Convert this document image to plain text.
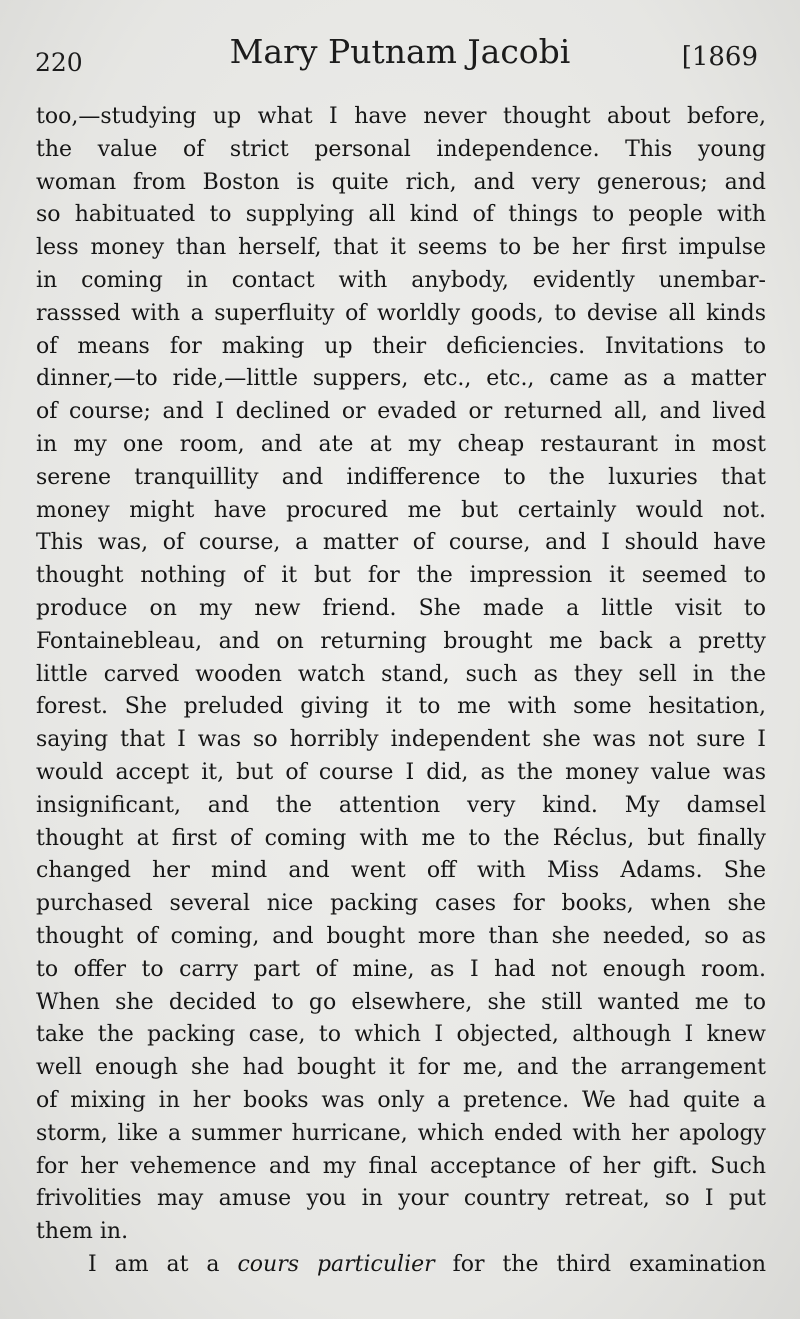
220	Mary Putnam Jacobi	[1869
too,—studying up what I have never thought about before,
the value of strict personal independence. This young
woman from Boston is quite rich, and very generous; and
so habituated to supplying all kind of things to people with
less money than herself, that it seems to be her first impulse
in coming in contact with anybody, evidently unembar-
rasssed with a superfluity of worldly goods, to devise all kinds
of means for making up their deficiencies. Invitations to
dinner,—to ride,—little suppers, etc., etc., came as a matter
of course; and I declined or evaded or returned all, and lived
in my one room, and ate at my cheap restaurant in most
serene tranquillity and indifference to the luxuries that
money might have procured me but certainly would not.
This was, of course, a matter of course, and I should have
thought nothing of it but for the impression it seemed to
produce on my new friend. She made a little visit to
Fontainebleau, and on returning brought me back a pretty
little carved wooden watch stand, such as they sell in the
forest. She preluded giving it to me with some hesitation,
saying that I was so horribly independent she was not sure I
would accept it, but of course I did, as the money value was
insignificant, and the attention very kind. My damsel
thought at first of coming with me to the Réclus, but finally
changed her mind and went off with Miss Adams. She
purchased several nice packing cases for books, when she
thought of coming, and bought more than she needed, so as
to offer to carry part of mine, as I had not enough room.
When she decided to go elsewhere, she still wanted me to
take the packing case, to which I objected, although I knew
well enough she had bought it for me, and the arrangement
of mixing in her books was only a pretence. We had quite a
storm, like a summer hurricane, which ended with her apology
for her vehemence and my final acceptance of her gift. Such
frivolities may amuse you in your country retreat, so I put
them in.
I am at a cours particulier for the third examination
